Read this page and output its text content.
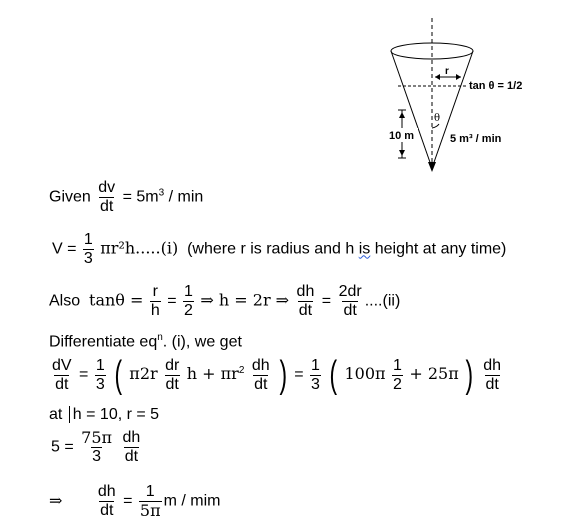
r
tan θ = 1/2
θ
10 m	5 m³ / min
Given $\frac{dv}{dt} = 5m^3 / \min$
$V = \frac{1}{3} \pi r^2h.....(i)$ (where r is radius and h is height at any time)
Also $\tan\theta = \frac{r}{h} = \frac{1}{2}$ ⇒ h = 2r ⇒ $\frac{dh}{dt} = \frac{2dr}{dt} ....(ii)$
Differentiate $eq^n$. (i), we get
$\frac{dV}{dt} = \frac{1}{3}$ ( $\pi 2r \frac{dr}{dt}$ $h + \pi r^2 \frac{dh}{dt}$ ) = $\frac{1}{3}$ ( $100\pi \frac{1}{2} + 25\pi$ ) $\frac{dh}{dt}$
at h = 10, r = 5
$5 = \frac{75\pi}{3}$
$\frac{dh}{dt}$
⇒ $\frac{dh}{dt} = \frac{1}{5\pi}$ m / mim
